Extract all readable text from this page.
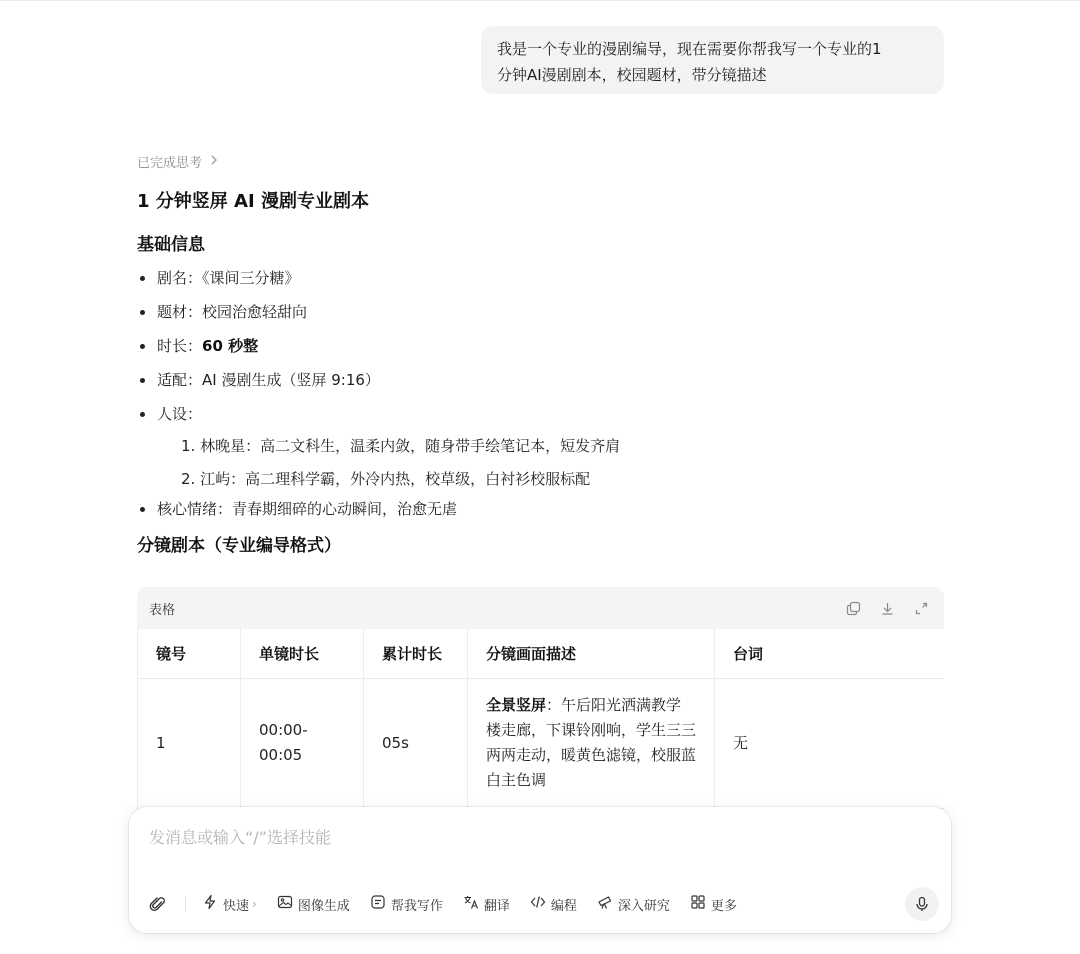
我是一个专业的漫剧编导，现在需要你帮我写一个专业的1
分钟AI漫剧剧本，校园题材，带分镜描述
已完成思考
1 分钟竖屏 AI 漫剧专业剧本
基础信息
剧名：《课间三分糖》
题材：校园治愈轻甜向
时长：60 秒整
适配：AI 漫剧生成（竖屏 9:16）
人设：
1. 林晚星：高二文科生，温柔内敛，随身带手绘笔记本，短发齐肩
2. 江屿：高二理科学霸，外冷内热，校草级，白衬衫校服标配
核心情绪：青春期细碎的心动瞬间，治愈无虐
分镜剧本（专业编导格式）
表格
镜号	单镜时长	累计时长	分镜画面描述	台词
1	00:00-00:05	05s	全景竖屏：午后阳光洒满教学楼走廊，下课铃刚响，学生三三两两走动，暖黄色滤镜，校服蓝白主色调	无
发消息或输入“/”选择技能
快速 ›	图像生成	帮我写作	翻译	编程	深入研究	更多
